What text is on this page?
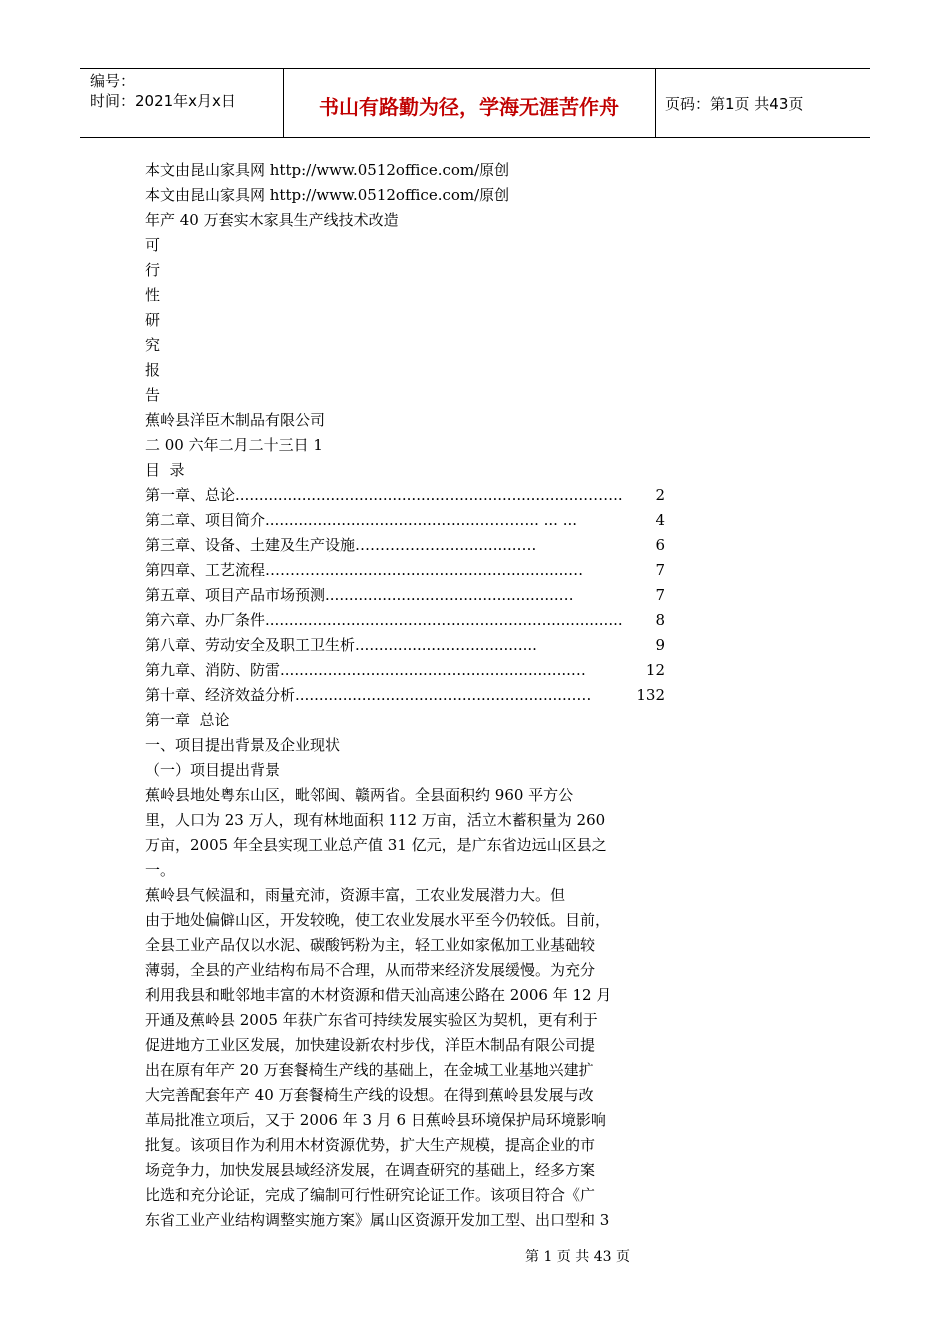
编号：
时间：2021年x月x日	书山有路勤为径，学海无涯苦作舟	页码：第1页 共43页
本文由昆山家具网 http://www.0512office.com/原创
本文由昆山家具网 http://www.0512office.com/原创
年产 40 万套实木家具生产线技术改造
可
行
性
研
究
报
告
蕉岭县洋臣木制品有限公司
二 00 六年二月二十三日 1
目  录
第一章、总论 .........................................................................……..	2
第二章、项目简介 ..............................................……….. ... ...	4
第三章、设备、土建及生产设施 ………………...............….	6
第四章、工艺流程 …………...................................................…	7
第五章、项目产品市场预测 .................................................…	7
第六章、办厂条件 ...........................................................................	8
第八章、劳动安全及职工卫生析 .....................…..............	9
第九章、消防、防雷 .............................................................…	12
第十章、经济效益分析 ...........................................................…	132
第一章  总论
一、项目提出背景及企业现状
（一）项目提出背景
蕉岭县地处粤东山区，毗邻闽、赣两省。全县面积约 960 平方公
里，人口为 23 万人，现有林地面积 112 万亩，活立木蓄积量为 260
万亩，2005 年全县实现工业总产值 31 亿元，是广东省边远山区县之
一。
蕉岭县气候温和，雨量充沛，资源丰富，工农业发展潜力大。但
由于地处偏僻山区，开发较晚，使工农业发展水平至今仍较低。目前，
全县工业产品仅以水泥、碳酸钙粉为主，轻工业如家俬加工业基础较
薄弱，全县的产业结构布局不合理，从而带来经济发展缓慢。为充分
利用我县和毗邻地丰富的木材资源和借天汕高速公路在 2006 年 12 月
开通及蕉岭县 2005 年获广东省可持续发展实验区为契机，更有利于
促进地方工业区发展，加快建设新农村步伐，洋臣木制品有限公司提
出在原有年产 20 万套餐椅生产线的基础上，在金城工业基地兴建扩
大完善配套年产 40 万套餐椅生产线的设想。在得到蕉岭县发展与改
革局批准立项后，又于 2006 年 3 月 6 日蕉岭县环境保护局环境影响
批复。该项目作为利用木材资源优势，扩大生产规模，提高企业的市
场竞争力，加快发展县域经济发展，在调查研究的基础上，经多方案
比选和充分论证，完成了编制可行性研究论证工作。该项目符合《广
东省工业产业结构调整实施方案》属山区资源开发加工型、出口型和 3
第 1 页 共 43 页
